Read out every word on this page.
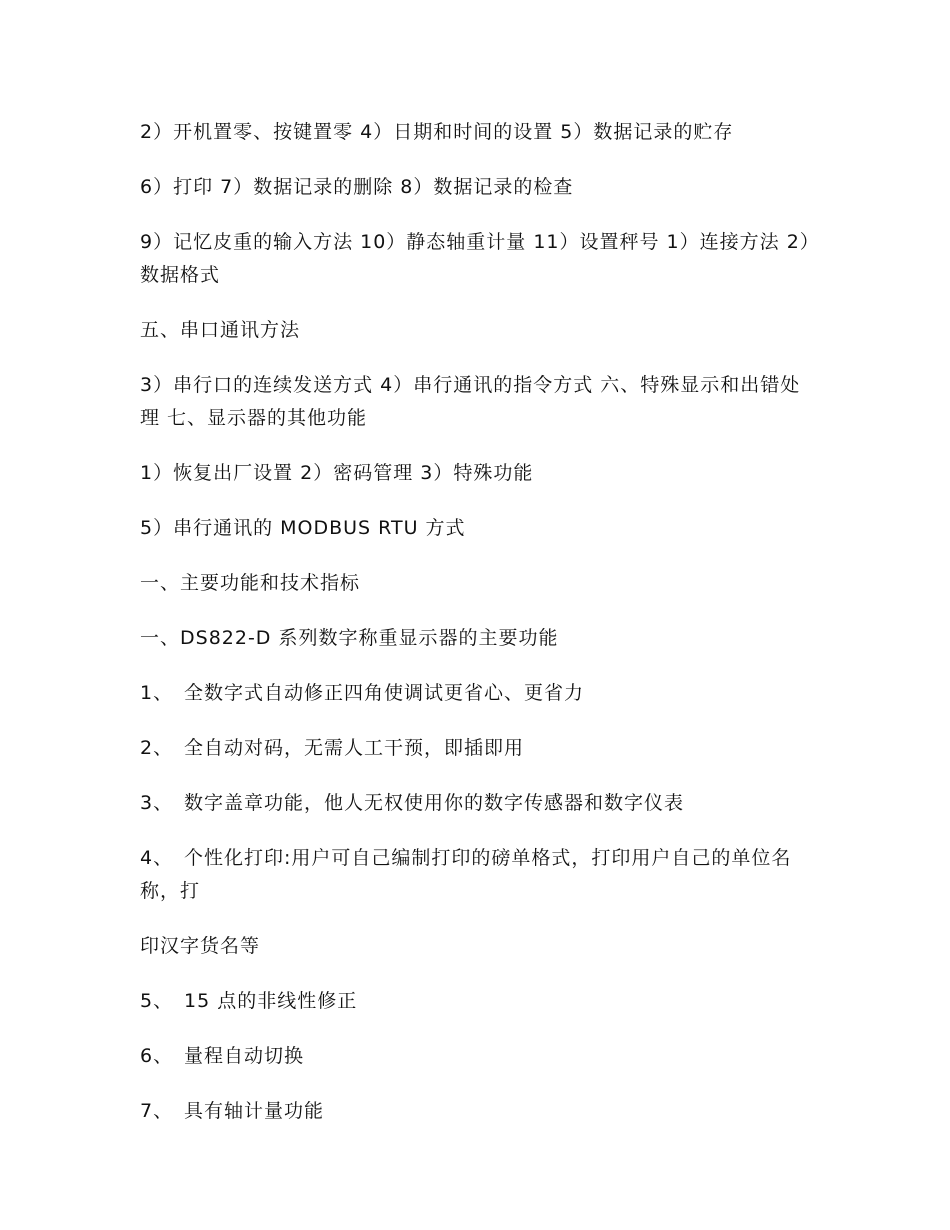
2）开机置零、按键置零 4）日期和时间的设置 5）数据记录的贮存

6）打印 7）数据记录的删除 8）数据记录的检查

9）记忆皮重的输入方法 10）静态轴重计量 11）设置秤号 1）连接方法 2）数据格式

五、串口通讯方法

3）串行口的连续发送方式 4）串行通讯的指令方式 六、特殊显示和出错处理 七、显示器的其他功能

1）恢复出厂设置 2）密码管理 3）特殊功能

5）串行通讯的 MODBUS RTU 方式

一、主要功能和技术指标

一、DS822-D 系列数字称重显示器的主要功能

1、 全数字式自动修正四角使调试更省心、更省力

2、 全自动对码，无需人工干预，即插即用

3、 数字盖章功能，他人无权使用你的数字传感器和数字仪表

4、 个性化打印:用户可自己编制打印的磅单格式，打印用户自己的单位名称，打

印汉字货名等

5、 15 点的非线性修正

6、 量程自动切换

7、 具有轴计量功能
